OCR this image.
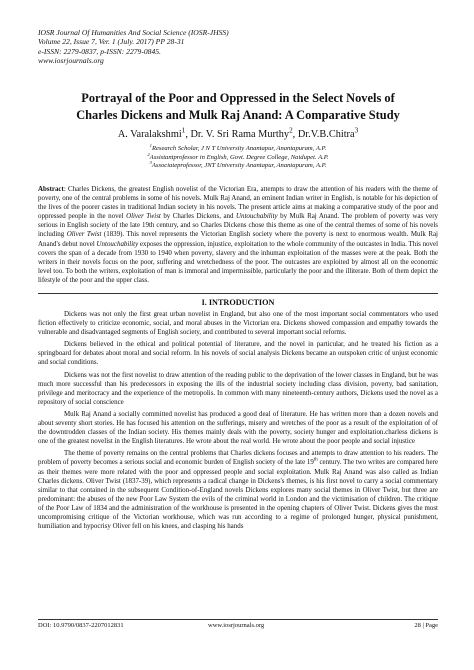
IOSR Journal Of Humanities And Social Science (IOSR-JHSS)
Volume 22, Issue 7, Ver. 1 (July. 2017) PP 28-31
e-ISSN: 2279-0837, p-ISSN: 2279-0845.
www.iosrjournals.org
Portrayal of the Poor and Oppressed in the Select Novels of
Charles Dickens and Mulk Raj Anand: A Comparative Study
A. Varalakshmi$^1$, Dr. V. Sri Rama Murthy$^2$, Dr.V.B.Chitra$^3$
$^1$Research Scholar, J N T University Anantapur, Anantapuram, A.P.
$^2$Assistantprofessor in English, Govt. Degree College, Naidupet. A.P.
$^3$Associateprofessor, JNT University Anantapur, Anantapuram, A.P.
Abstract: Charles Dickens, the greatest English novelist of the Victorian Era, attempts to draw the attention of his readers with the theme of poverty, one of the central problems in some of his novels. Mulk Raj Anand, an eminent Indian writer in English, is notable for his depiction of the lives of the poorer castes in traditional Indian society in his novels. The present article aims at making a comparative study of the poor and oppressed people in the novel Oliver Twist by Charles Dickens, and Untouchability by Mulk Raj Anand. The problem of poverty was very serious in English society of the late 19th century, and so Charles Dickens chose this theme as one of the central themes of some of his novels including Oliver Twist (1839). This novel represents the Victorian English society where the poverty is next to enormous wealth. Mulk Raj Anand's debut novel Untouchability exposes the oppression, injustice, exploitation to the whole community of the outcastes in India. This novel covers the span of a decade from 1930 to 1940 when poverty, slavery and the inhuman exploitation of the masses were at the peak. Both the writers in their novels focus on the poor, suffering and wretchedness of the poor. The outcastes are exploited by almost all on the economic level too. To both the writers, exploitation of man is immoral and impermissible, particularly the poor and the illiterate. Both of them depict the lifestyle of the poor and the upper class.
I. INTRODUCTION

Dickens was not only the first great urban novelist in England, but also one of the most important social commentators who used fiction effectively to criticize economic, social, and moral abuses in the Victorian era. Dickens showed compassion and empathy towards the vulnerable and disadvantaged segments of English society, and contributed to several important social reforms.

Dickens believed in the ethical and political potential of literature, and the novel in particular, and he treated his fiction as a springboard for debates about moral and social reform. In his novels of social analysis Dickens became an outspoken critic of unjust economic and social conditions.

Dickens was not the first novelist to draw attention of the reading public to the deprivation of the lower classes in England, but he was much more successful than his predecessors in exposing the ills of the industrial society including class division, poverty, bad sanitation, privilege and meritocracy and the experience of the metropolis. In common with many nineteenth-century authors, Dickens used the novel as a repository of social conscience

Mulk Raj Anand a socially committed novelist has produced a good deal of literature. He has written more than a dozen novels and about seventy short stories. He has focused his attention on the sufferings, misery and wretches of the poor as a result of the exploitation of of the downtrodden classes of the Indian society. His themes mainly deals with the poverty, society hunger and exploitation.charless dickens is one of the greatest novelist in the English literatures. He wrote about the real world. He wrote about the poor people and social injustice

The theme of poverty remains on the central problems that Charles dickens focuses and attempts to draw attention to his readers. The problem of poverty becomes a serious social and economic burden of English society of the late 19th century. The two writes are compared here as their themes were more related with the poor and oppressed people and social exploitation. Mulk Raj Anand was also called as Indian Charles dickens. Oliver Twist (1837-39), which represents a radical change in Dickens's themes, is his first novel to carry a social commentary similar to that contained in the subsequent Condition-of-England novels Dickens explores many social themes in Oliver Twist, but three are predominant: the abuses of the new Poor Law System the evils of the criminal world in London and the victimisation of children. The critique of the Poor Law of 1834 and the administration of the workhouse is presented in the opening chapters of Oliver Twist. Dickens gives the most uncompromising critique of the Victorian workhouse, which was run according to a regime of prolonged hunger, physical punishment, humiliation and hypocrisy Oliver fell on his knees, and clasping his hands

DOI: 10.9790/0837-2207012831	www.iosrjournals.org	28 | Page
